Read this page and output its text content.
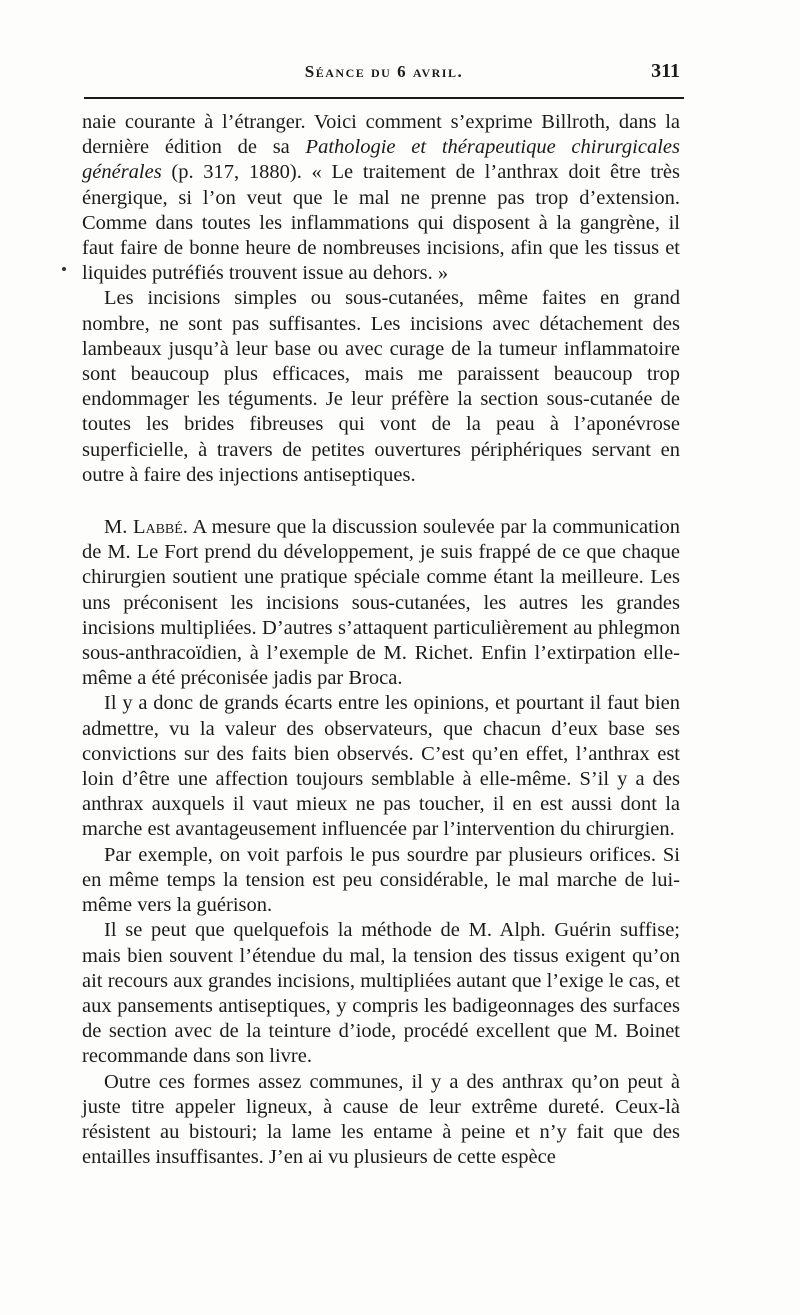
Séance du 6 avril.	311

naie courante à l’étranger. Voici comment s’exprime Billroth, dans la dernière édition de sa Pathologie et thérapeutique chirurgicales générales (p. 317, 1880). « Le traitement de l’anthrax doit être très énergique, si l’on veut que le mal ne prenne pas trop d’extension. Comme dans toutes les inflammations qui disposent à la gangrène, il faut faire de bonne heure de nombreuses incisions, afin que les tissus et liquides putréfiés trouvent issue au dehors. »

Les incisions simples ou sous-cutanées, même faites en grand nombre, ne sont pas suffisantes. Les incisions avec détachement des lambeaux jusqu’à leur base ou avec curage de la tumeur inflammatoire sont beaucoup plus efficaces, mais me paraissent beaucoup trop endommager les téguments. Je leur préfère la section sous-cutanée de toutes les brides fibreuses qui vont de la peau à l’aponévrose superficielle, à travers de petites ouvertures périphériques servant en outre à faire des injections antiseptiques.

M. Labbé. A mesure que la discussion soulevée par la communication de M. Le Fort prend du développement, je suis frappé de ce que chaque chirurgien soutient une pratique spéciale comme étant la meilleure. Les uns préconisent les incisions sous-cutanées, les autres les grandes incisions multipliées. D’autres s’attaquent particulièrement au phlegmon sous-anthracoïdien, à l’exemple de M. Richet. Enfin l’extirpation elle-même a été préconisée jadis par Broca.

Il y a donc de grands écarts entre les opinions, et pourtant il faut bien admettre, vu la valeur des observateurs, que chacun d’eux base ses convictions sur des faits bien observés. C’est qu’en effet, l’anthrax est loin d’être une affection toujours semblable à elle-même. S’il y a des anthrax auxquels il vaut mieux ne pas toucher, il en est aussi dont la marche est avantageusement influencée par l’intervention du chirurgien.

Par exemple, on voit parfois le pus sourdre par plusieurs orifices. Si en même temps la tension est peu considérable, le mal marche de lui-même vers la guérison.

Il se peut que quelquefois la méthode de M. Alph. Guérin suffise; mais bien souvent l’étendue du mal, la tension des tissus exigent qu’on ait recours aux grandes incisions, multipliées autant que l’exige le cas, et aux pansements antiseptiques, y compris les badigeonnages des surfaces de section avec de la teinture d’iode, procédé excellent que M. Boinet recommande dans son livre.

Outre ces formes assez communes, il y a des anthrax qu’on peut à juste titre appeler ligneux, à cause de leur extrême dureté. Ceux-là résistent au bistouri; la lame les entame à peine et n’y fait que des entailles insuffisantes. J’en ai vu plusieurs de cette espèce
